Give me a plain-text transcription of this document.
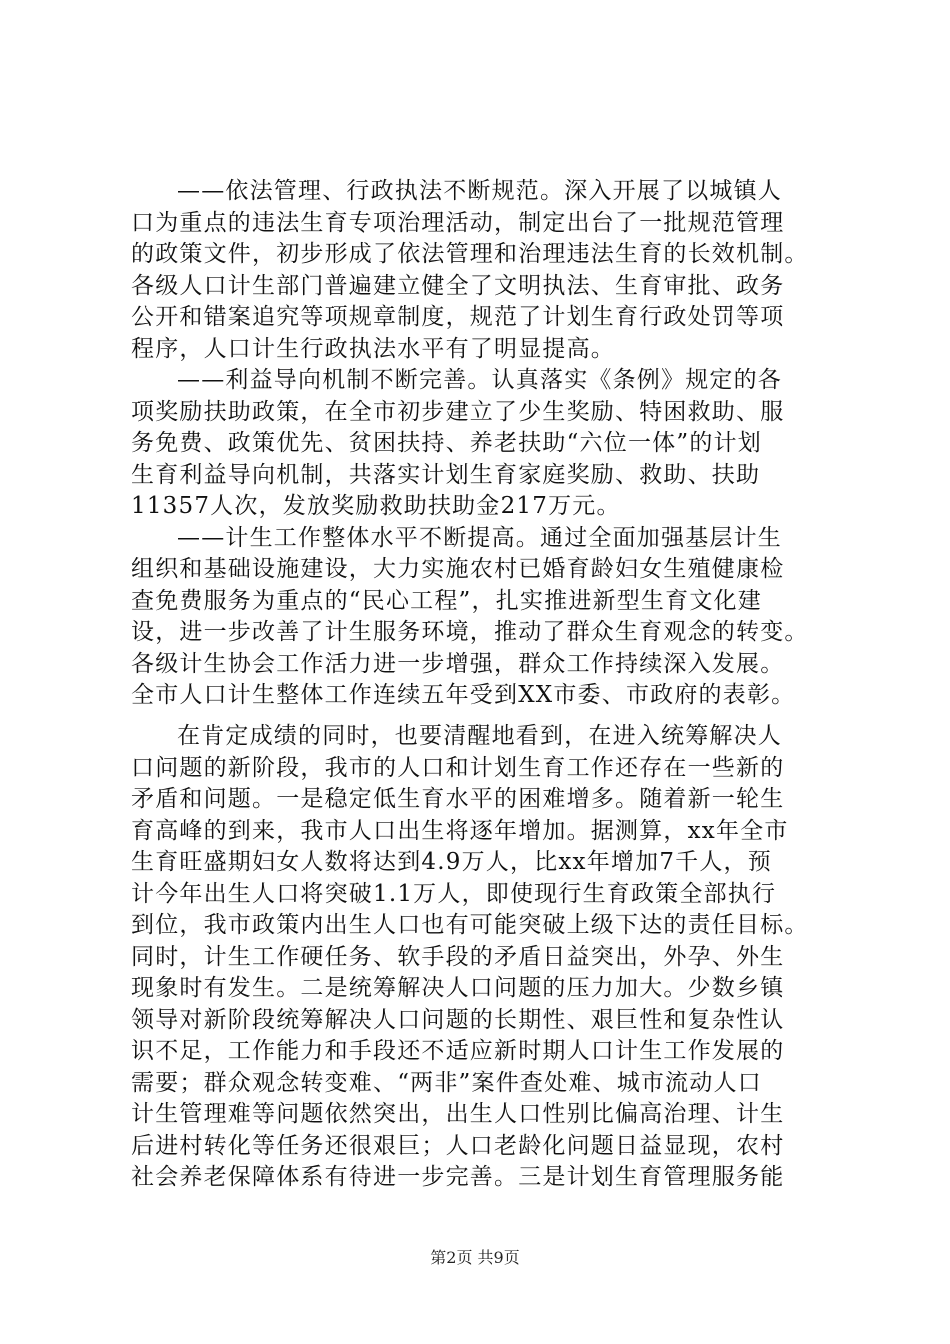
——依法管理、行政执法不断规范。深入开展了以城镇人
口为重点的违法生育专项治理活动，制定出台了一批规范管理
的政策文件，初步形成了依法管理和治理违法生育的长效机制。
各级人口计生部门普遍建立健全了文明执法、生育审批、政务
公开和错案追究等项规章制度，规范了计划生育行政处罚等项
程序，人口计生行政执法水平有了明显提高。
——利益导向机制不断完善。认真落实《条例》规定的各
项奖励扶助政策，在全市初步建立了少生奖励、特困救助、服
务免费、政策优先、贫困扶持、养老扶助“六位一体”的计划
生育利益导向机制，共落实计划生育家庭奖励、救助、扶助
11357人次，发放奖励救助扶助金217万元。
——计生工作整体水平不断提高。通过全面加强基层计生
组织和基础设施建设，大力实施农村已婚育龄妇女生殖健康检
查免费服务为重点的“民心工程”，扎实推进新型生育文化建
设，进一步改善了计生服务环境，推动了群众生育观念的转变。
各级计生协会工作活力进一步增强，群众工作持续深入发展。
全市人口计生整体工作连续五年受到XX市委、市政府的表彰。
在肯定成绩的同时，也要清醒地看到，在进入统筹解决人
口问题的新阶段，我市的人口和计划生育工作还存在一些新的
矛盾和问题。一是稳定低生育水平的困难增多。随着新一轮生
育高峰的到来，我市人口出生将逐年增加。据测算，xx年全市
生育旺盛期妇女人数将达到4.9万人，比xx年增加7千人，预
计今年出生人口将突破1.1万人，即使现行生育政策全部执行
到位，我市政策内出生人口也有可能突破上级下达的责任目标。
同时，计生工作硬任务、软手段的矛盾日益突出，外孕、外生
现象时有发生。二是统筹解决人口问题的压力加大。少数乡镇
领导对新阶段统筹解决人口问题的长期性、艰巨性和复杂性认
识不足，工作能力和手段还不适应新时期人口计生工作发展的
需要；群众观念转变难、“两非”案件查处难、城市流动人口
计生管理难等问题依然突出，出生人口性别比偏高治理、计生
后进村转化等任务还很艰巨；人口老龄化问题日益显现，农村
社会养老保障体系有待进一步完善。三是计划生育管理服务能
第2页 共9页
